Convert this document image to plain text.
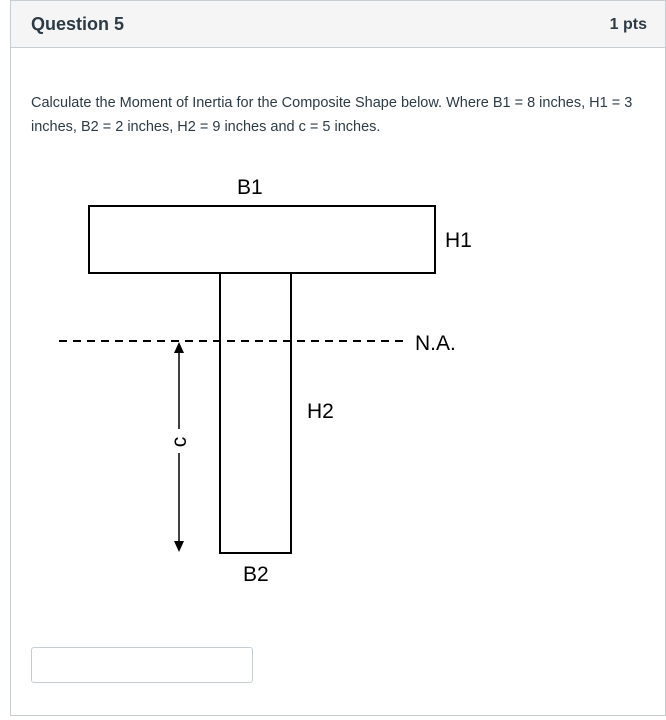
Question 5	1 pts
Calculate the Moment of Inertia for the Composite Shape below. Where B1 = 8 inches, H1 = 3 inches, B2 = 2 inches, H2 = 9 inches and c = 5 inches.
B1
H1
N.A.
H2
c
B2
